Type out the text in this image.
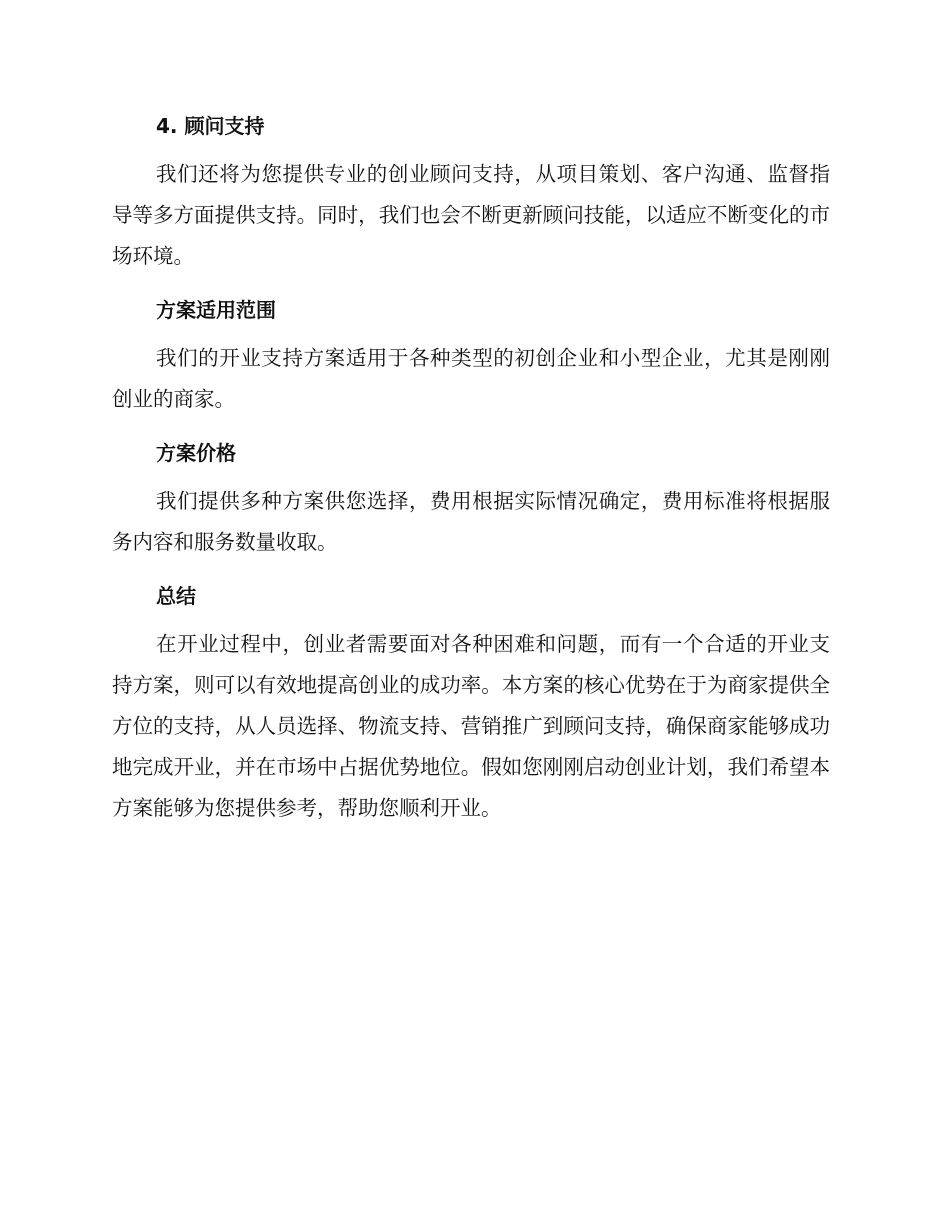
4. 顾问支持

我们还将为您提供专业的创业顾问支持，从项目策划、客户沟通、监督指导等多方面提供支持。同时，我们也会不断更新顾问技能，以适应不断变化的市场环境。

方案适用范围

我们的开业支持方案适用于各种类型的初创企业和小型企业，尤其是刚刚创业的商家。

方案价格

我们提供多种方案供您选择，费用根据实际情况确定，费用标准将根据服务内容和服务数量收取。

总结

在开业过程中，创业者需要面对各种困难和问题，而有一个合适的开业支持方案，则可以有效地提高创业的成功率。本方案的核心优势在于为商家提供全方位的支持，从人员选择、物流支持、营销推广到顾问支持，确保商家能够成功地完成开业，并在市场中占据优势地位。假如您刚刚启动创业计划，我们希望本方案能够为您提供参考，帮助您顺利开业。
